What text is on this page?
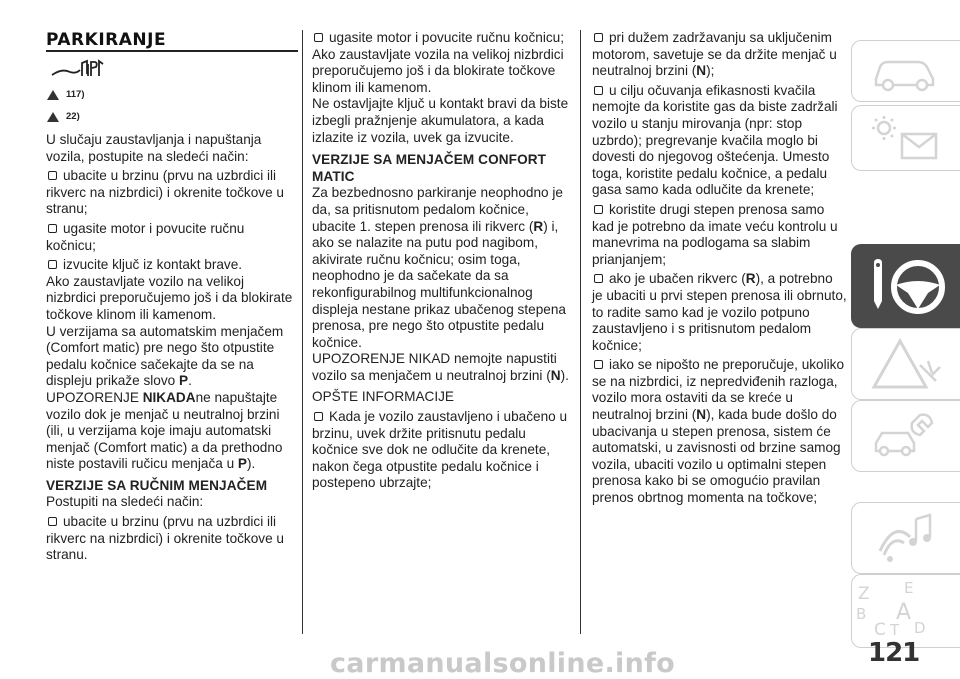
PARKIRANJE
117)
22)

U slučaju zaustavljanja i napuštanja vozila, postupite na sledeći način:

ubacite u brzinu (prvu na uzbrdici ili rikverc na nizbrdici) i okrenite točkove u stranu;

ugasite motor i povucite ručnu kočnicu;

izvucite ključ iz kontakt brave.

Ako zaustavljate vozilo na velikoj nizbrdici preporučujemo još i da blokirate točkove klinom ili kamenom.

U verzijama sa automatskim menjačem (Comfort matic) pre nego što otpustite pedalu kočnice sačekajte da se na displeju prikaže slovo P.

UPOZORENJE NIKADAne napuštajte vozilo dok je menjač u neutralnoj brzini (ili, u verzijama koje imaju automatski menjač (Comfort matic) a da prethodno niste postavili ručicu menjača u P).

VERZIJE SA RUČNIM MENJAČEM

Postupiti na sledeći način:

ubacite u brzinu (prvu na uzbrdici ili rikverc na nizbrdici) i okrenite točkove u stranu.

ugasite motor i povucite ručnu kočnicu;

Ako zaustavljate vozila na velikoj nizbrdici preporučujemo još i da blokirate točkove klinom ili kamenom.

Ne ostavljajte ključ u kontakt bravi da biste izbegli pražnjenje akumulatora, a kada izlazite iz vozila, uvek ga izvucite.

VERZIJE SA MENJAČEM CONFORT MATIC

Za bezbednosno parkiranje neophodno je da, sa pritisnutom pedalom kočnice, ubacite 1. stepen prenosa ili rikverc (R) i, ako se nalazite na putu pod nagibom, akivirate ručnu kočnicu; osim toga, neophodno je da sačekate da sa rekonfigurabilnog multifunkcionalnog displeja nestane prikaz ubačenog stepena prenosa, pre nego što otpustite pedalu kočnice.

UPOZORENJE NIKAD nemojte napustiti vozilo sa menjačem u neutralnoj brzini (N).

OPŠTE INFORMACIJE

Kada je vozilo zaustavljeno i ubačeno u brzinu, uvek držite pritisnutu pedalu kočnice sve dok ne odlučite da krenete, nakon čega otpustite pedalu kočnice i postepeno ubrzajte;

pri dužem zadržavanju sa uključenim motorom, savetuje se da držite menjač u neutralnoj brzini (N);

u cilju očuvanja efikasnosti kvačila nemojte da koristite gas da biste zadržali vozilo u stanju mirovanja (npr: stop uzbrdo); pregrevanje kvačila moglo bi dovesti do njegovog oštećenja. Umesto toga, koristite pedalu kočnice, a pedalu gasa samo kada odlučite da krenete;

koristite drugi stepen prenosa samo kad je potrebno da imate veću kontrolu u manevrima na podlogama sa slabim prianjanjem;

ako je ubačen rikverc (R), a potrebno je ubaciti u prvi stepen prenosa ili obrnuto, to radite samo kad je vozilo potpuno zaustavljeno i s pritisnutom pedalom kočnice;

iako se nipošto ne preporučuje, ukoliko se na nizbrdici, iz nepredviđenih razloga, vozilo mora ostaviti da se kreće u neutralnoj brzini (N), kada bude došlo do ubacivanja u stepen prenosa, sistem će automatski, u zavisnosti od brzine samog vozila, ubaciti vozilo u optimalni stepen prenosa kako bi se omogućio pravilan prenos obrtnog momenta na točkove;

Z E
B A
C T D
121
carmanualsonline.info
